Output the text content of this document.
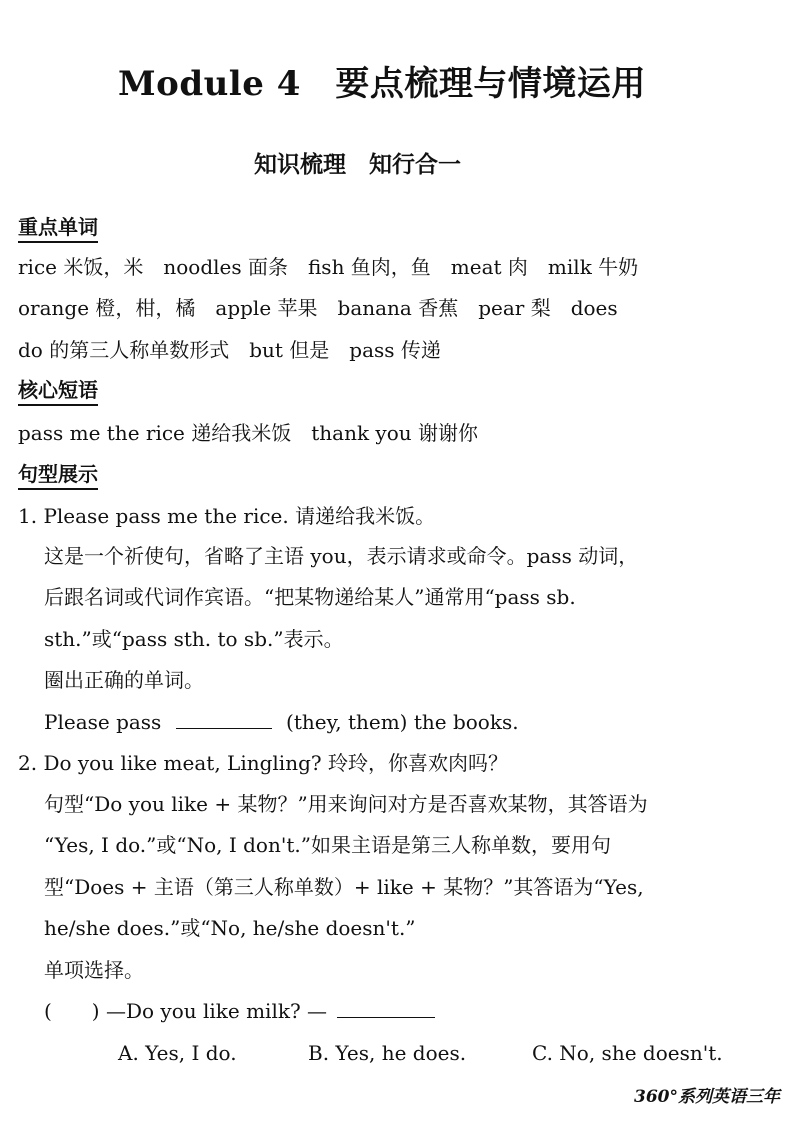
Module 4　要点梳理与情境运用
知识梳理　知行合一
重点单词
rice 米饭，米　noodles 面条　fish 鱼肉，鱼　meat 肉　milk 牛奶
orange 橙，柑，橘　apple 苹果　banana 香蕉　pear 梨　does
do 的第三人称单数形式　but 但是　pass 传递
核心短语
pass me the rice 递给我米饭　thank you 谢谢你
句型展示
1. Please pass me the rice. 请递给我米饭。
这是一个祈使句，省略了主语 you，表示请求或命令。pass 动词，
后跟名词或代词作宾语。“把某物递给某人”通常用“pass sb.
sth.”或“pass sth. to sb.”表示。
圈出正确的单词。
Please pass	(they, them) the books.
2. Do you like meat, Lingling? 玲玲，你喜欢肉吗？
句型“Do you like + 某物？”用来询问对方是否喜欢某物，其答语为
“Yes, I do.”或“No, I don't.”如果主语是第三人称单数，要用句
型“Does + 主语（第三人称单数）+ like + 某物？”其答语为“Yes,
he/she does.”或“No, he/she doesn't.”
单项选择。
(　　) —Do you like milk? —
A. Yes, I do.	B. Yes, he does.	C. No, she doesn't.
360°系列英语三年
